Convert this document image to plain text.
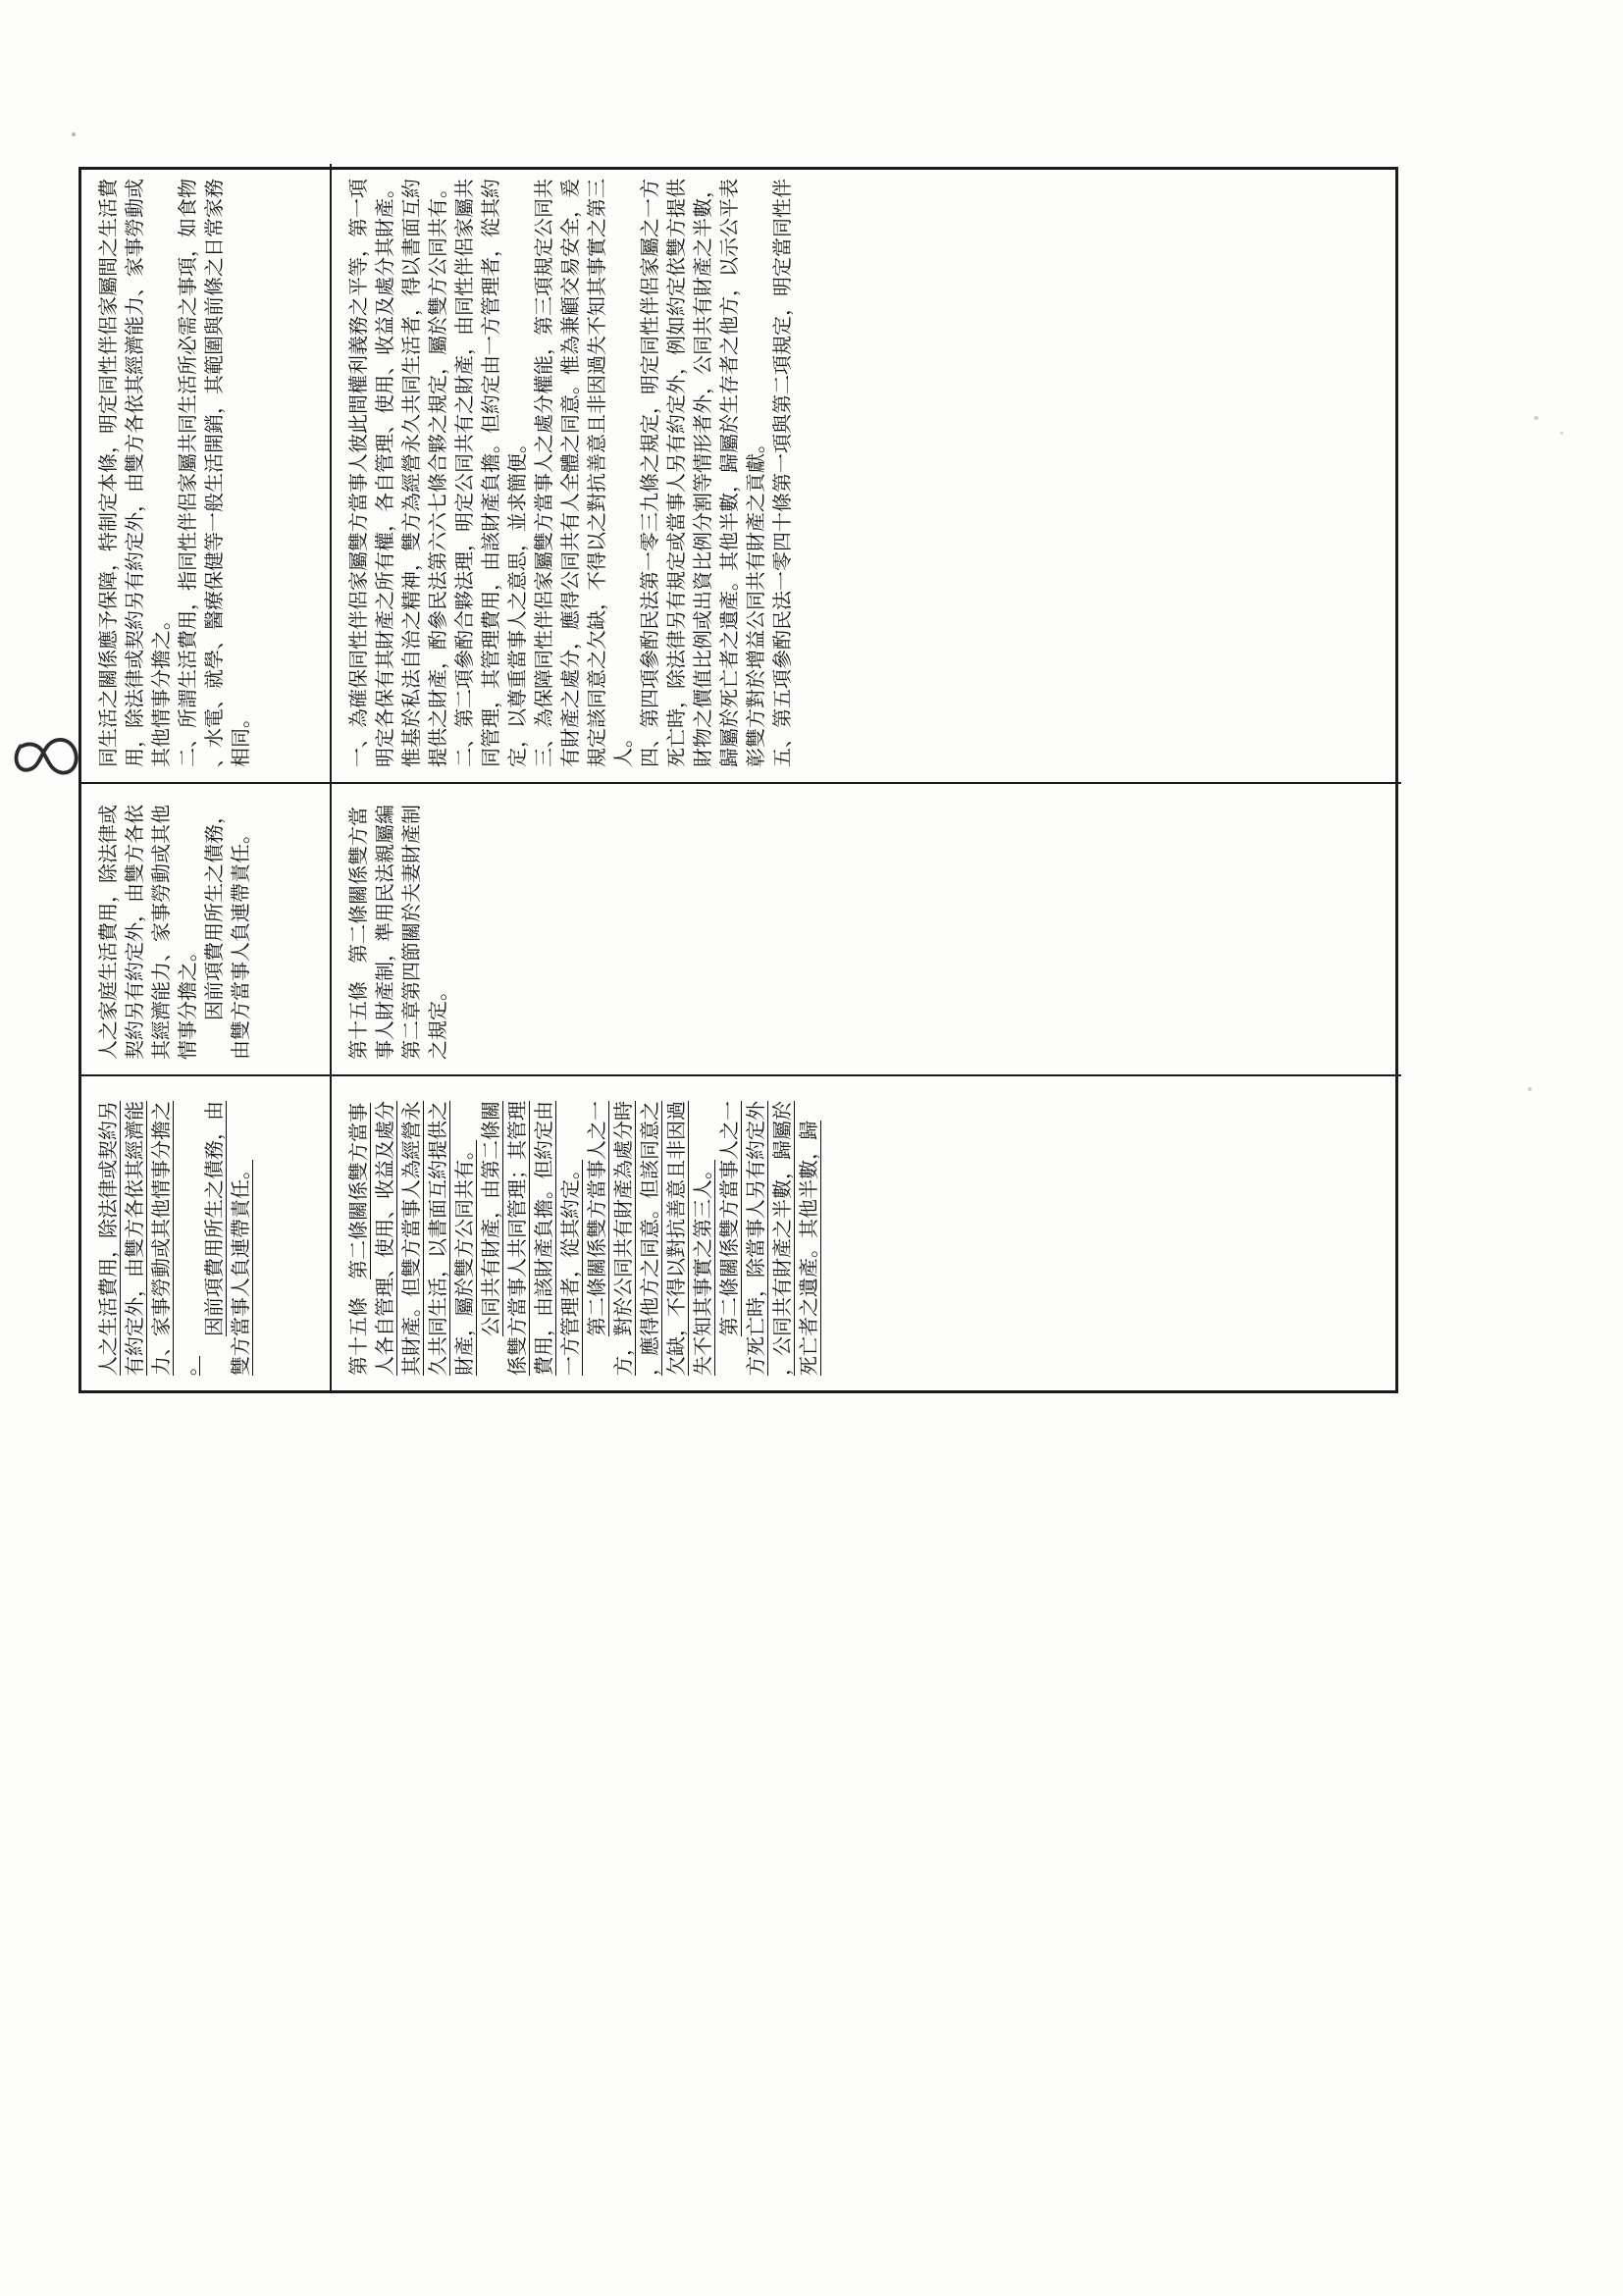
人之生活費用，除法律或契約另有約定外，由雙方各依其經濟能力、家事勞動或其他情事分擔之。

因前項費用所生之債務，由雙方當事人負連帶責任。

人之家庭生活費用，除法律或契約另有約定外，由雙方各依其經濟能力、家事勞動或其他情事分擔之。 因前項費用所生之債務，由雙方當事人負連帶責任。

同生活之關係應予保障，特制定本條，明定同性伴侶家屬間之生活費用，除法律或契約另有約定外，由雙方各依其經濟能力、家事勞動或其他情事分擔之。 二、所謂生活費用，指同性伴侶家屬共同生活所必需之事項，如食物、水電、就學、醫療保健等一般生活開銷，其範圍與前條之日常家務相同。

第十五條第二條關係雙方當事人各自管理、使用、收益及處分其財產。但雙方當事人為經營永久共同生活，以書面互約提供之財產，屬於雙方公同共有。 公同共有財產，由第二條關係雙方當事人共同管理；其管理費用，由該財產負擔。但約定由一方管理者，從其約定。 第二條關係雙方當事人之一方，對於公同共有財產為處分時，應得他方之同意。但該同意之欠缺，不得以對抗善意且非因過失不知其事實之第三人。 第二條關係雙方當事人之一方死亡時，除當事人另有約定外，公同共有財產之半數，歸屬於死亡者之遺產。其他半數，歸

第十五條第二條關係雙方當事人財產制，準用民法親屬編第二章第四節關於夫妻財產制之規定。

一、為確保同性伴侶家屬雙方當事人彼此間權利義務之平等，第一項明定各保有其財產之所有權，各自管理、使用、收益及處分其財產。惟基於私法自治之精神，雙方為經營永久共同生活者，得以書面互約提供之財產，酌參民法第六六七條合夥之規定，屬於雙方公同共有。 二、第二項參酌合夥法理，明定公同共有之財產，由同性伴侶家屬共同管理，其管理費用，由該財產負擔。但約定由一方管理者，從其約定，以尊重當事人之意思，並求簡便。 三、為保障同性伴侶家屬雙方當事人之處分權能，第三項規定公同共有財產之處分，應得公同共有人全體之同意。惟為兼顧交易安全，爰規定該同意之欠缺，不得以之對抗善意且非因過失不知其事實之第三人。 四、第四項參酌民法第一零三九條之規定，明定同性伴侶家屬之一方死亡時，除法律另有規定或當事人另有約定外，例如約定依雙方提供財物之價值比例或出資比例分割等情形者外，公同共有財產之半數，歸屬於死亡者之遺產。其他半數，歸屬於生存者之他方，以示公平表彰雙方對於增益公同共有財產之貢獻。 五、第五項參酌民法一零四十條第一項與第二項規定，明定當同性伴
